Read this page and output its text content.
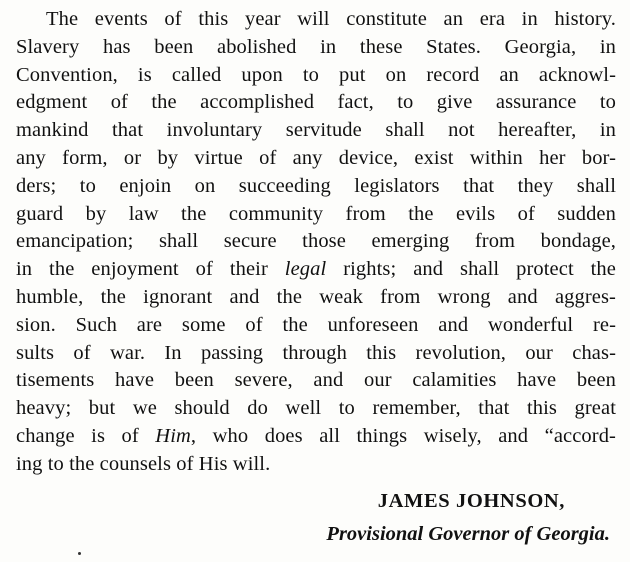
The events of this year will constitute an era in history.
Slavery has been abolished in these States. Georgia, in
Convention, is called upon to put on record an acknowl-
edgment of the accomplished fact, to give assurance to
mankind that involuntary servitude shall not hereafter, in
any form, or by virtue of any device, exist within her bor-
ders; to enjoin on succeeding legislators that they shall
guard by law the community from the evils of sudden
emancipation; shall secure those emerging from bondage,
in the enjoyment of their legal rights; and shall protect the
humble, the ignorant and the weak from wrong and aggres-
sion. Such are some of the unforeseen and wonderful re-
sults of war. In passing through this revolution, our chas-
tisements have been severe, and our calamities have been
heavy; but we should do well to remember, that this great
change is of Him, who does all things wisely, and “accord-
ing to the counsels of His will.
JAMES JOHNSON,
Provisional Governor of Georgia.
